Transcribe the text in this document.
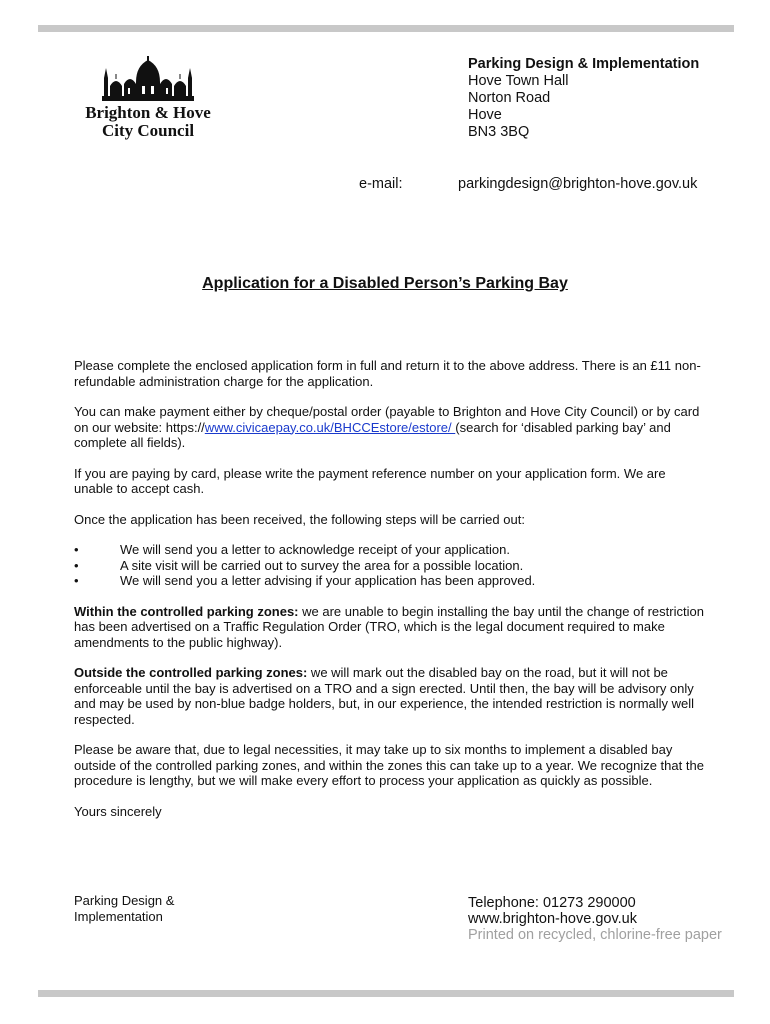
Brighton & Hove
City Council
Parking Design & Implementation
Hove Town Hall
Norton Road
Hove
BN3 3BQ
e-mail:	parkingdesign@brighton-hove.gov.uk
Application for a Disabled Person’s Parking Bay

Please complete the enclosed application form in full and return it to the above address. There is an £11 non-refundable administration charge for the application.

You can make payment either by cheque/postal order (payable to Brighton and Hove City Council) or by card on our website: https://www.civicaepay.co.uk/BHCCEstore/estore/ (search for ‘disabled parking bay’ and complete all fields).

If you are paying by card, please write the payment reference number on your application form. We are unable to accept cash.

Once the application has been received, the following steps will be carried out:

• We will send you a letter to acknowledge receipt of your application.
• A site visit will be carried out to survey the area for a possible location.
• We will send you a letter advising if your application has been approved.

Within the controlled parking zones: we are unable to begin installing the bay until the change of restriction has been advertised on a Traffic Regulation Order (TRO, which is the legal document required to make amendments to the public highway).

Outside the controlled parking zones: we will mark out the disabled bay on the road, but it will not be enforceable until the bay is advertised on a TRO and a sign erected. Until then, the bay will be advisory only and may be used by non-blue badge holders, but, in our experience, the intended restriction is normally well respected.

Please be aware that, due to legal necessities, it may take up to six months to implement a disabled bay outside of the controlled parking zones, and within the zones this can take up to a year. We recognize that the procedure is lengthy, but we will make every effort to process your application as quickly as possible.

Yours sincerely

Parking Design &
Implementation
Telephone: 01273 290000
www.brighton-hove.gov.uk
Printed on recycled, chlorine-free paper
